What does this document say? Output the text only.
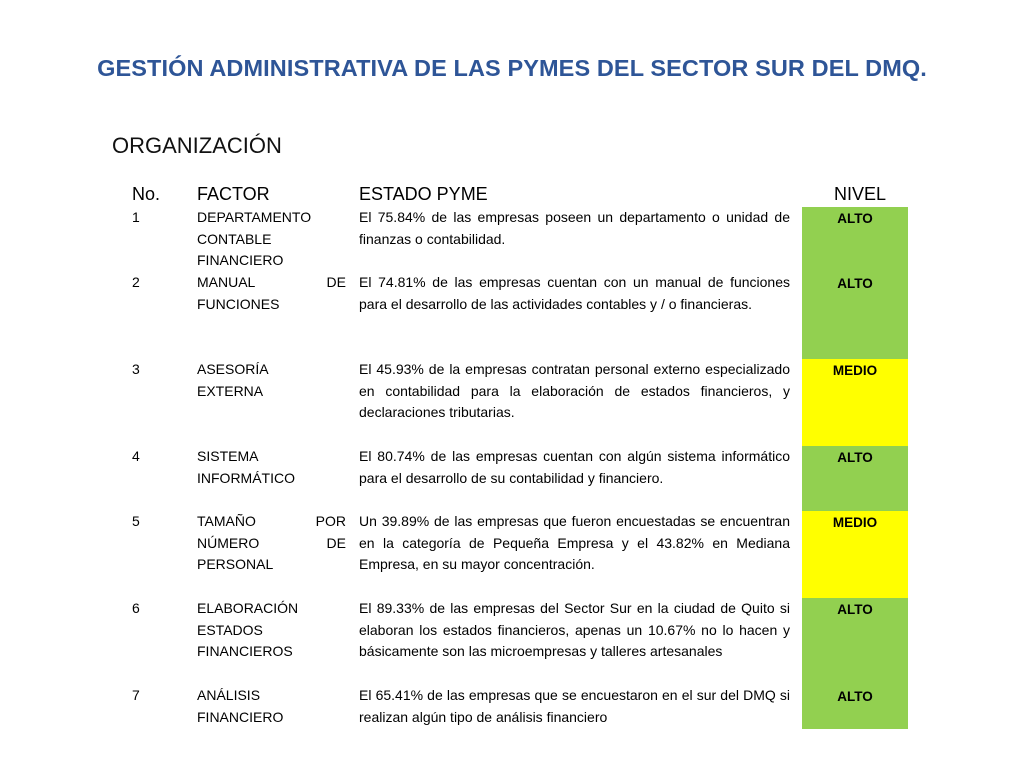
GESTIÓN ADMINISTRATIVA DE LAS PYMES DEL SECTOR SUR DEL DMQ.
ORGANIZACIÓN
No.	FACTOR	ESTADO PYME	NIVEL
1	DEPARTAMENTO
CONTABLE
FINANCIERO	El 75.84% de las empresas poseen un departamento o unidad de finanzas o contabilidad.	ALTO
2	MANUAL DE
FUNCIONES	El 74.81% de las empresas cuentan con un manual de funciones para el desarrollo de las actividades contables y / o financieras.	ALTO
3	ASESORÍA
EXTERNA	El 45.93% de la empresas contratan personal externo especializado en contabilidad para la elaboración de estados financieros, y declaraciones tributarias.	MEDIO
4	SISTEMA
INFORMÁTICO	El 80.74% de las empresas cuentan con algún sistema informático para el desarrollo de su contabilidad y financiero.	ALTO
5	TAMAÑO POR
NÚMERO DE
PERSONAL	Un 39.89% de las empresas que fueron encuestadas se encuentran en la categoría de Pequeña Empresa y el 43.82% en Mediana Empresa, en su mayor concentración.	MEDIO
6	ELABORACIÓN
ESTADOS
FINANCIEROS	El 89.33% de las empresas del Sector Sur en la ciudad de Quito si elaboran los estados financieros, apenas un 10.67% no lo hacen y básicamente son las microempresas y talleres artesanales	ALTO
7	ANÁLISIS
FINANCIERO	El 65.41% de las empresas que se encuestaron en el sur del DMQ si realizan algún tipo de análisis financiero	ALTO
